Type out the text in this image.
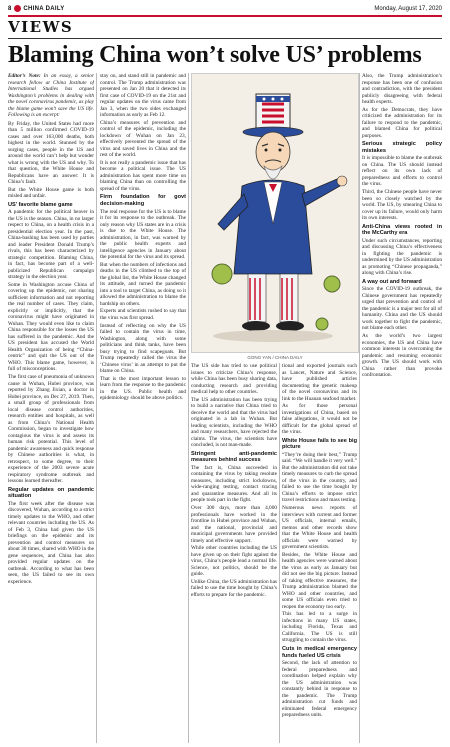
8 CHINA DAILY	Monday, August 17, 2020
VIEWS
Blaming China won’t solve US’ problems

Editor’s Note: In an essay, a senior research fellow at China Institute of International Studies has argued Washington’s problems in dealing with the novel coronavirus pandemic, as play the blame game won’t save the US life. Following is an excerpt:

By Friday, the United States had more than 5 million confirmed COVID-19 cases and over 163,000 deaths, both highest in the world. Stunned by the surging cases, people in the US and around the world can’t help but wonder what is wrong with the US and why. To that question, the White House and Republicans have an answer: It is China’s fault.

But the White House game is both misled and unfair.

US’ favorite blame game

A pandemic for the political heaver in the US is the season. China, in no larger respect to China, on a health crisis in a presidential election year. In the past, China-bashing has been used by parties and leader President Donald Trump’s rivals, this has been characterized by strategic competition. Blaming China, in fact, has become part of a well-publicized Republican campaign strategy in the election year.

Some in Washington accuse China of covering up the epidemic, not sharing sufficient information and not reporting the real number of cases. They claim, explicitly or implicitly, that the coronavirus might have originated in Wuhan. They would even like to claim China responsible for the losses the US has suffered in the pandemic. And the US president has accused the World Health Organization of being “China-centric” and quit the US out of the WHO. This blame game, however, is full of misconceptions.

The first case of pneumonia of unknown cause in Wuhan, Hubei province, was reported by Zhang Jixian, a doctor in Hubei province, on Dec 27, 2019. Then, a small group of professionals from local disease control authorities, research entities and hospitals, as well as from China’s National Health Commission, began to investigate how contagious the virus is and assess its human risk potential. This level of pandemic awareness and quick response by Chinese authorities is what, in retrospect, to some degree, to their experience of the 2003 severe acute respiratory syndrome outbreak and lessons learned thereafter.

Regular updates on pandemic situation

The first week after the disease was discovered, Wuhan, according to a strict timely updates to the WHO, and other relevant countries including the US. As of Feb 3, China had given the US briefings on the epidemic and its prevention and control measures on about 30 times, shared with WHO in the gene sequences, and China has also provided regular updates on the outbreak. According to what has been seen, the US failed to see its own experience.

stay on, and stand still in pandemic and control. The Trump administration was presented on Jan 20 that it detected its first case of COVID-19 on the 21st and regular updates on the virus came from Jan 3, when the two sides exchanged information as early as Feb 12.

China’s measures of prevention and control of the epidemic, including the lockdown of Wuhan on Jan 23, effectively prevented the spread of the virus and saved lives in China and the rest of the world.

It is not really a pandemic issue that has become a political issue. The US administration has spent more time on blaming China than on controlling the spread of the virus.

Firm foundation for govt decision-making

The real response for the US is to blame it for its response to the outbreak. The only reason why US states are in a crisis is due to the White House. The administration, in fact, was warned by the public health experts and intelligence agencies in January about the potential for the virus and its spread.

But when the numbers of infections and deaths in the US climbed to the top of the global list, the White House changed its attitude, and turned the pandemic into a tool to target China, as doing so it allowed the administration to blame the hardship on others.

Experts and scientists rushed to say that the virus was first spread.

Instead of reflecting on why the US failed to contain the virus in time, Washington, along with some politicians and think tanks, have been busy trying to find scapegoats. But Trump repeatedly called the virus the ‘Chinese virus’ in an attempt to put the blame on China.

That is the most important lesson to learn from the response to the pandemic in the US. Public health and epidemiology should be above politics.

GONG YAN / CHINA DAILY

The US side has tried to use political issues to criticize China’s response, while China has been busy sharing data, conducting research and providing medical help to other countries.

The US administration has been trying to build a narrative that China tried to deceive the world and that the virus had originated in a lab in Wuhan. But leading scientists, including the WHO and many researchers, have rejected the claims. The virus, the scientists have concluded, is not man-made.

Stringent anti-pandemic measures behind success

The fact is, China succeeded in containing the virus by taking resolute measures, including strict lockdowns, wide-ranging testing, contact tracing and quarantine measures. And all its people took part in the fight.

Over 300 days, more than 4,000 professionals have worked in the frontline in Hubei province and Wuhan, and the national, provincial and municipal governments have provided timely and effective support.

While other countries including the US have given up on their fight against the virus, China’s people lead a normal life. Science, not politics, should be the guide.

Unlike China, the US administration has failed to use the time bought by China’s efforts to prepare for the pandemic.

tional and exported journals such as Lancet, Nature and Science, have published articles documenting the genetic makeup of the novel coronavirus and its link to the Huanan seafood market.

As for those personal investigations of China, based on false allegations, it would not be difficult for the global spread of the virus.

White House fails to see big picture

“They’re doing their best,” Trump said. “We will handle it very well.” But the administration did not take timely measures to curb the spread of the virus in the country, and failed to use the time bought by China’s efforts to impose strict travel restrictions and mass testing.

Numerous news reports of interviews with current and former US officials, internal emails, memos and other records show that the White House and health officials were warned by government scientists.

Besides, the White House and health agencies were warned about the virus as early as January but did not see the big picture. Instead of taking effective measures, the Trump administration blamed the WHO and other countries, and some US officials even tried to reopen the economy too early.

This has led to a surge in infections in many US states, including Florida, Texas and California. The US is still struggling to contain the virus.

Cuts in medical emergency funds fueled US crisis

Second, the lack of attention to federal preparedness and coordination helped explain why the US administration was constantly behind in response to the pandemic. The Trump administration cut funds and eliminated federal emergency preparedness units.

Also, the Trump administration’s response has been one of confusion and contradiction, with the president publicly disagreeing with federal health experts.

As for the Democrats, they have criticized the administration for its failure to respond to the pandemic, and blamed China for political purposes.

Serious strategic policy mistakes

It is impossible to blame the outbreak on China. The US should instead reflect on its own lack of preparedness and efforts to control the virus.

Third, the Chinese people have never been so closely watched by the world. The US, by smearing China to cover up its failure, would only harm its own interests.

Anti-China views rooted in the McCarthy era

Under such circumstances, reporting and discussing China’s effectiveness in fighting the pandemic is undermined by the US administration as promoting “Chinese propaganda,” along with China’s rise.

A way out and forward

Since the COVID-19 outbreak, the Chinese government has repeatedly urged that prevention and control of the pandemic is a major test for all of humanity. China and the US should work together to fight the pandemic, not blame each other.

As the world’s two largest economies, the US and China have common interests in overcoming the pandemic and resuming economic growth. The US should work with China rather than provoke confrontation.
